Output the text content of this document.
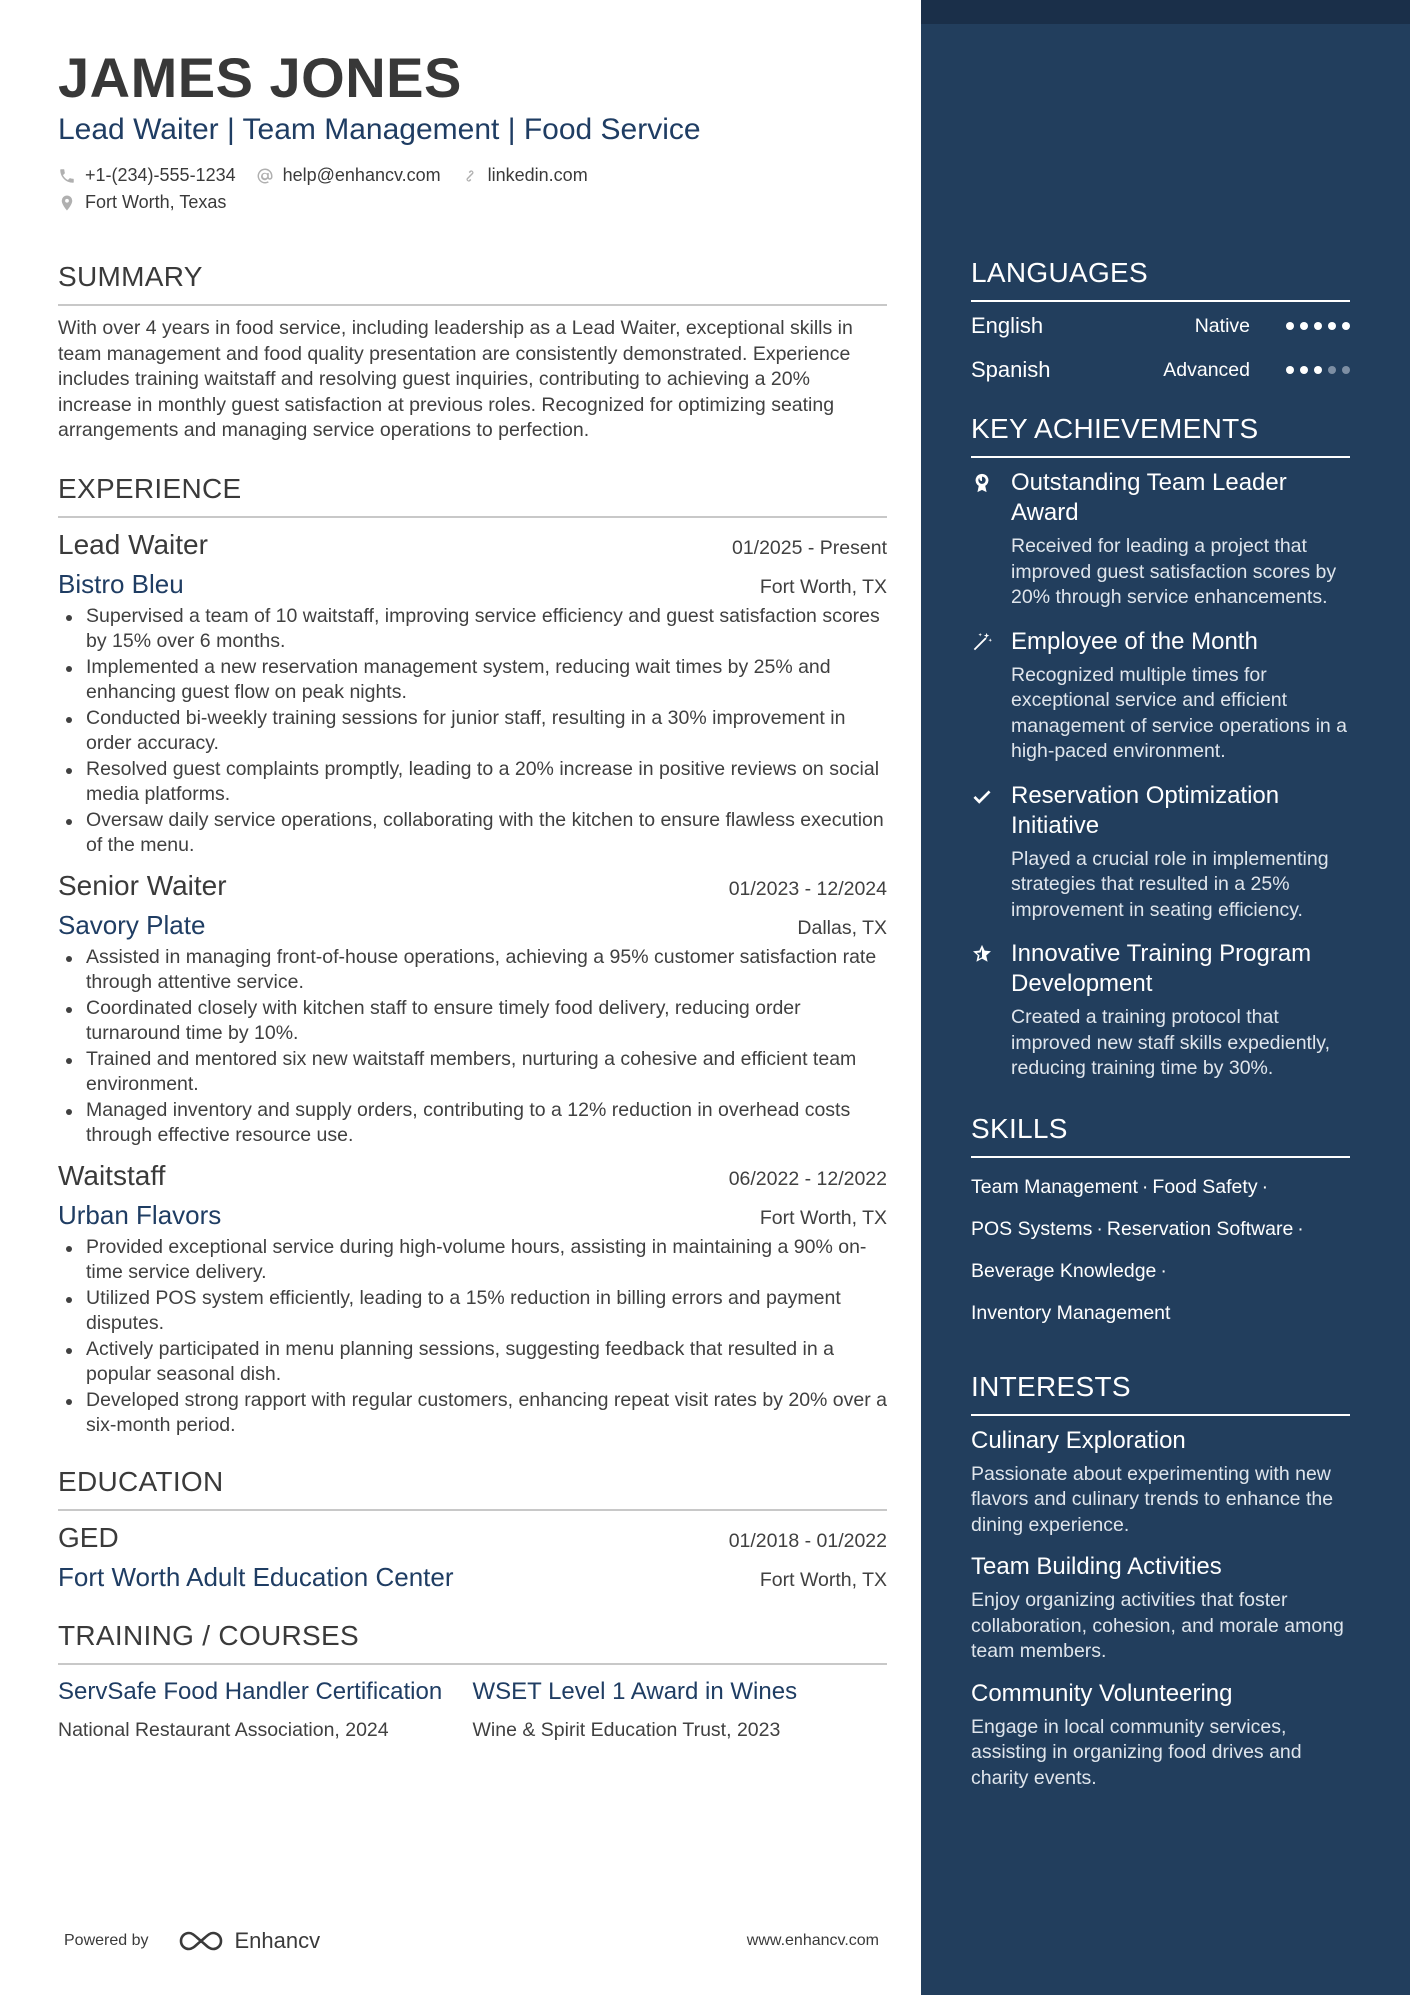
JAMES JONES
Lead Waiter | Team Management | Food Service
+1-(234)-555-1234	help@enhancv.com	linkedin.com
Fort Worth, Texas
SUMMARY
With over 4 years in food service, including leadership as a Lead Waiter, exceptional skills in team management and food quality presentation are consistently demonstrated. Experience includes training waitstaff and resolving guest inquiries, contributing to achieving a 20% increase in monthly guest satisfaction at previous roles. Recognized for optimizing seating arrangements and managing service operations to perfection.
EXPERIENCE
Lead Waiter	01/2025 - Present
Bistro Bleu	Fort Worth, TX
Supervised a team of 10 waitstaff, improving service efficiency and guest satisfaction scores by 15% over 6 months.
Implemented a new reservation management system, reducing wait times by 25% and enhancing guest flow on peak nights.
Conducted bi-weekly training sessions for junior staff, resulting in a 30% improvement in order accuracy.
Resolved guest complaints promptly, leading to a 20% increase in positive reviews on social media platforms.
Oversaw daily service operations, collaborating with the kitchen to ensure flawless execution of the menu.
Senior Waiter	01/2023 - 12/2024
Savory Plate	Dallas, TX
Assisted in managing front-of-house operations, achieving a 95% customer satisfaction rate through attentive service.
Coordinated closely with kitchen staff to ensure timely food delivery, reducing order turnaround time by 10%.
Trained and mentored six new waitstaff members, nurturing a cohesive and efficient team environment.
Managed inventory and supply orders, contributing to a 12% reduction in overhead costs through effective resource use.
Waitstaff	06/2022 - 12/2022
Urban Flavors	Fort Worth, TX
Provided exceptional service during high-volume hours, assisting in maintaining a 90% on-time service delivery.
Utilized POS system efficiently, leading to a 15% reduction in billing errors and payment disputes.
Actively participated in menu planning sessions, suggesting feedback that resulted in a popular seasonal dish.
Developed strong rapport with regular customers, enhancing repeat visit rates by 20% over a six-month period.
EDUCATION
GED	01/2018 - 01/2022
Fort Worth Adult Education Center	Fort Worth, TX
TRAINING / COURSES
ServSafe Food Handler Certification
National Restaurant Association, 2024
WSET Level 1 Award in Wines
Wine & Spirit Education Trust, 2023
Powered by	Enhancv	www.enhancv.com
LANGUAGES
English	Native
Spanish	Advanced
KEY ACHIEVEMENTS
Outstanding Team Leader Award
Received for leading a project that improved guest satisfaction scores by 20% through service enhancements.
Employee of the Month
Recognized multiple times for exceptional service and efficient management of service operations in a high-paced environment.
Reservation Optimization Initiative
Played a crucial role in implementing strategies that resulted in a 25% improvement in seating efficiency.
Innovative Training Program Development
Created a training protocol that improved new staff skills expediently, reducing training time by 30%.
SKILLS
Team Management · Food Safety ·
POS Systems · Reservation Software ·
Beverage Knowledge ·
Inventory Management
INTERESTS
Culinary Exploration
Passionate about experimenting with new flavors and culinary trends to enhance the dining experience.
Team Building Activities
Enjoy organizing activities that foster collaboration, cohesion, and morale among team members.
Community Volunteering
Engage in local community services, assisting in organizing food drives and charity events.
